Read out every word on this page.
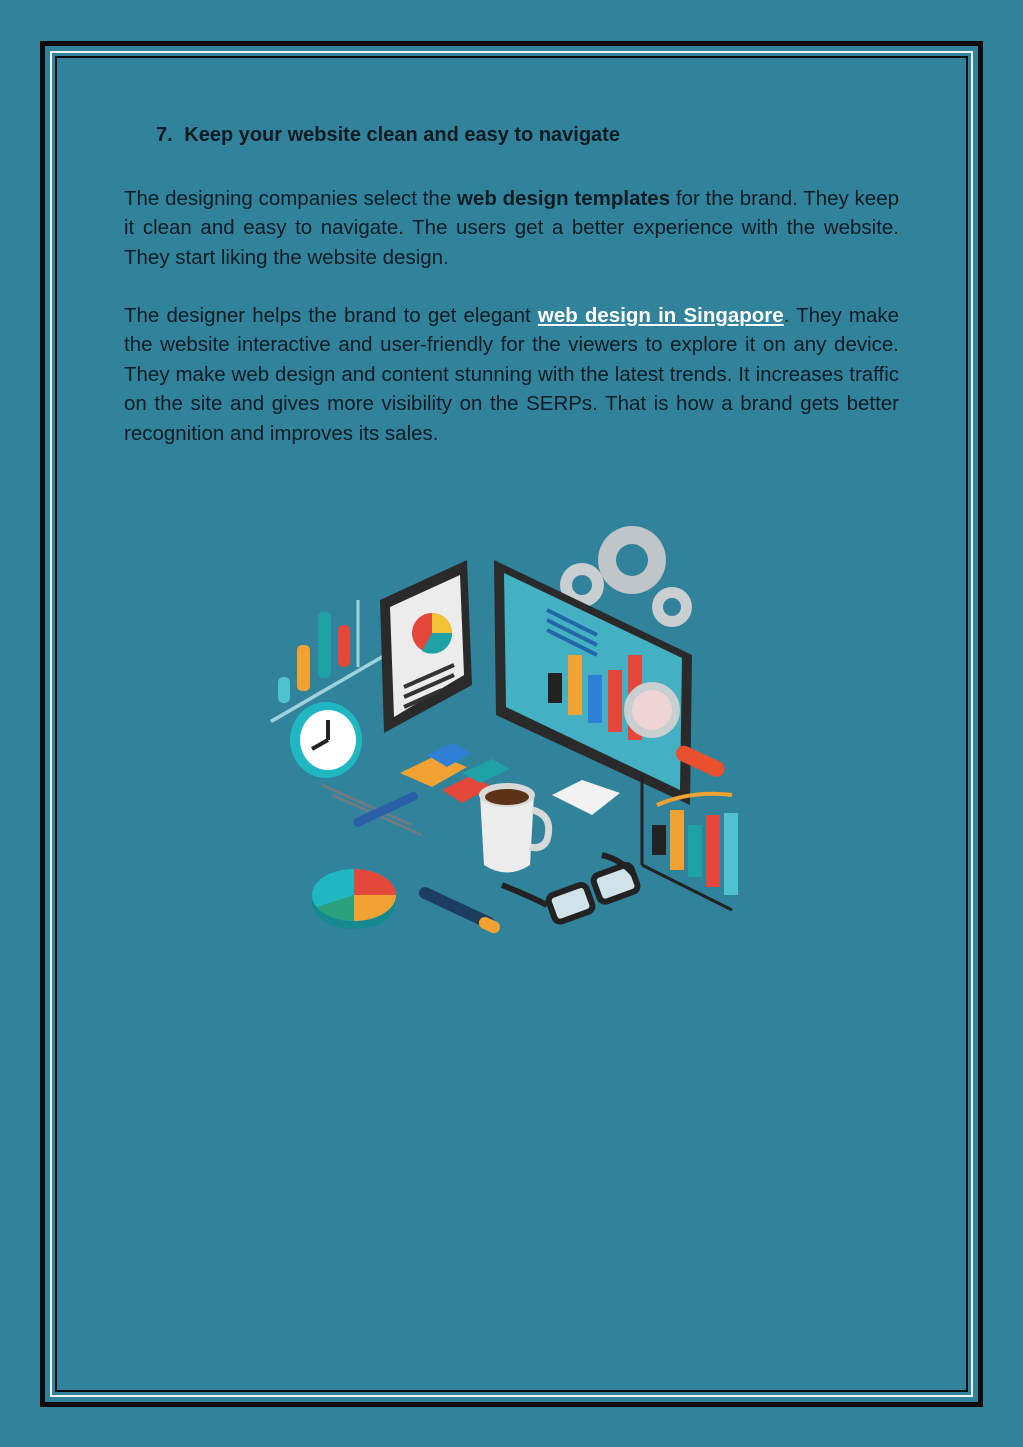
7. Keep your website clean and easy to navigate

The designing companies select the web design templates for the brand. They keep it clean and easy to navigate. The users get a better experience with the website. They start liking the website design.

The designer helps the brand to get elegant web design in Singapore. They make the website interactive and user-friendly for the viewers to explore it on any device. They make web design and content stunning with the latest trends. It increases traffic on the site and gives more visibility on the SERPs. That is how a brand gets better recognition and improves its sales.
